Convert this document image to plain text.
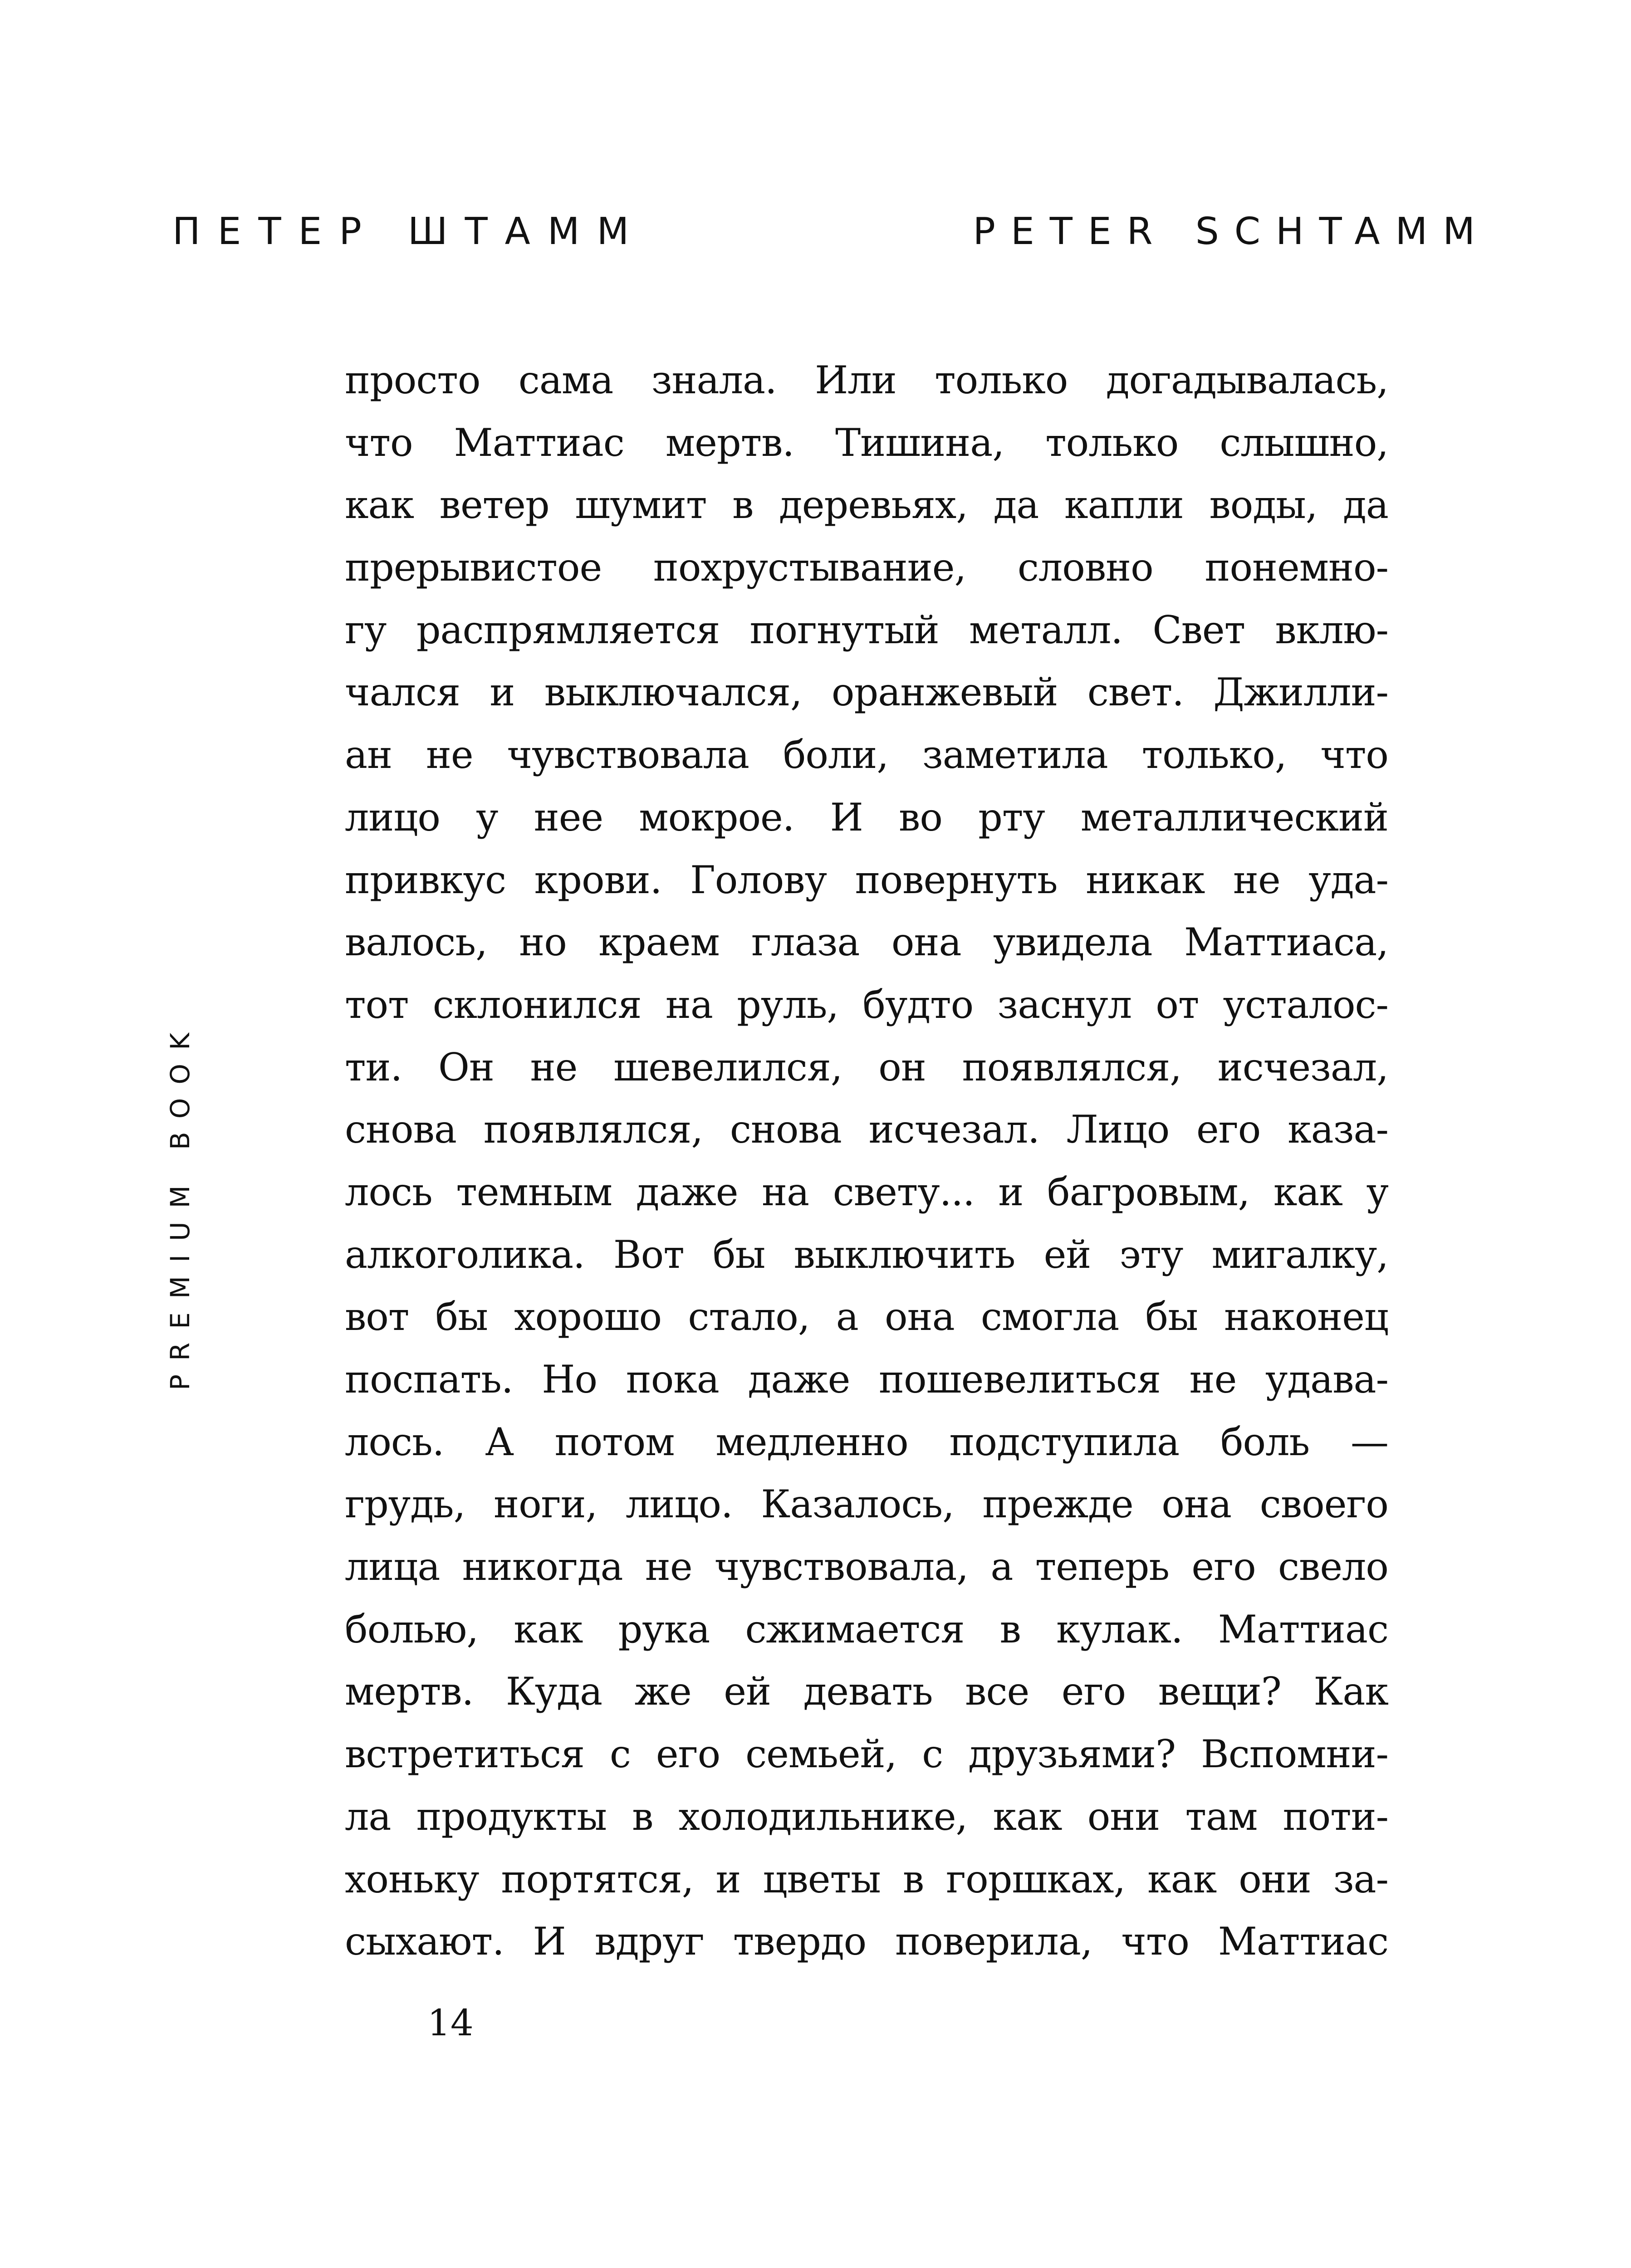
ПЕТЕР ШТАММ	PETER SCHTAMM
PREMIUM BOOK
просто сама знала. Или только догадывалась,
что Маттиас мертв. Тишина, только слышно,
как ветер шумит в деревьях, да капли воды, да
прерывистое похрустывание, словно понемно-
гу распрямляется погнутый металл. Свет вклю-
чался и выключался, оранжевый свет. Джилли-
ан не чувствовала боли, заметила только, что
лицо у нее мокрое. И во рту металлический
привкус крови. Голову повернуть никак не уда-
валось, но краем глаза она увидела Маттиаса,
тот склонился на руль, будто заснул от усталос-
ти. Он не шевелился, он появлялся, исчезал,
снова появлялся, снова исчезал. Лицо его каза-
лось темным даже на свету... и багровым, как у
алкоголика. Вот бы выключить ей эту мигалку,
вот бы хорошо стало, а она смогла бы наконец
поспать. Но пока даже пошевелиться не удава-
лось. А потом медленно подступила боль —
грудь, ноги, лицо. Казалось, прежде она своего
лица никогда не чувствовала, а теперь его свело
болью, как рука сжимается в кулак. Маттиас
мертв. Куда же ей девать все его вещи? Как
встретиться с его семьей, с друзьями? Вспомни-
ла продукты в холодильнике, как они там поти-
хоньку портятся, и цветы в горшках, как они за-
сыхают. И вдруг твердо поверила, что Маттиас
14
